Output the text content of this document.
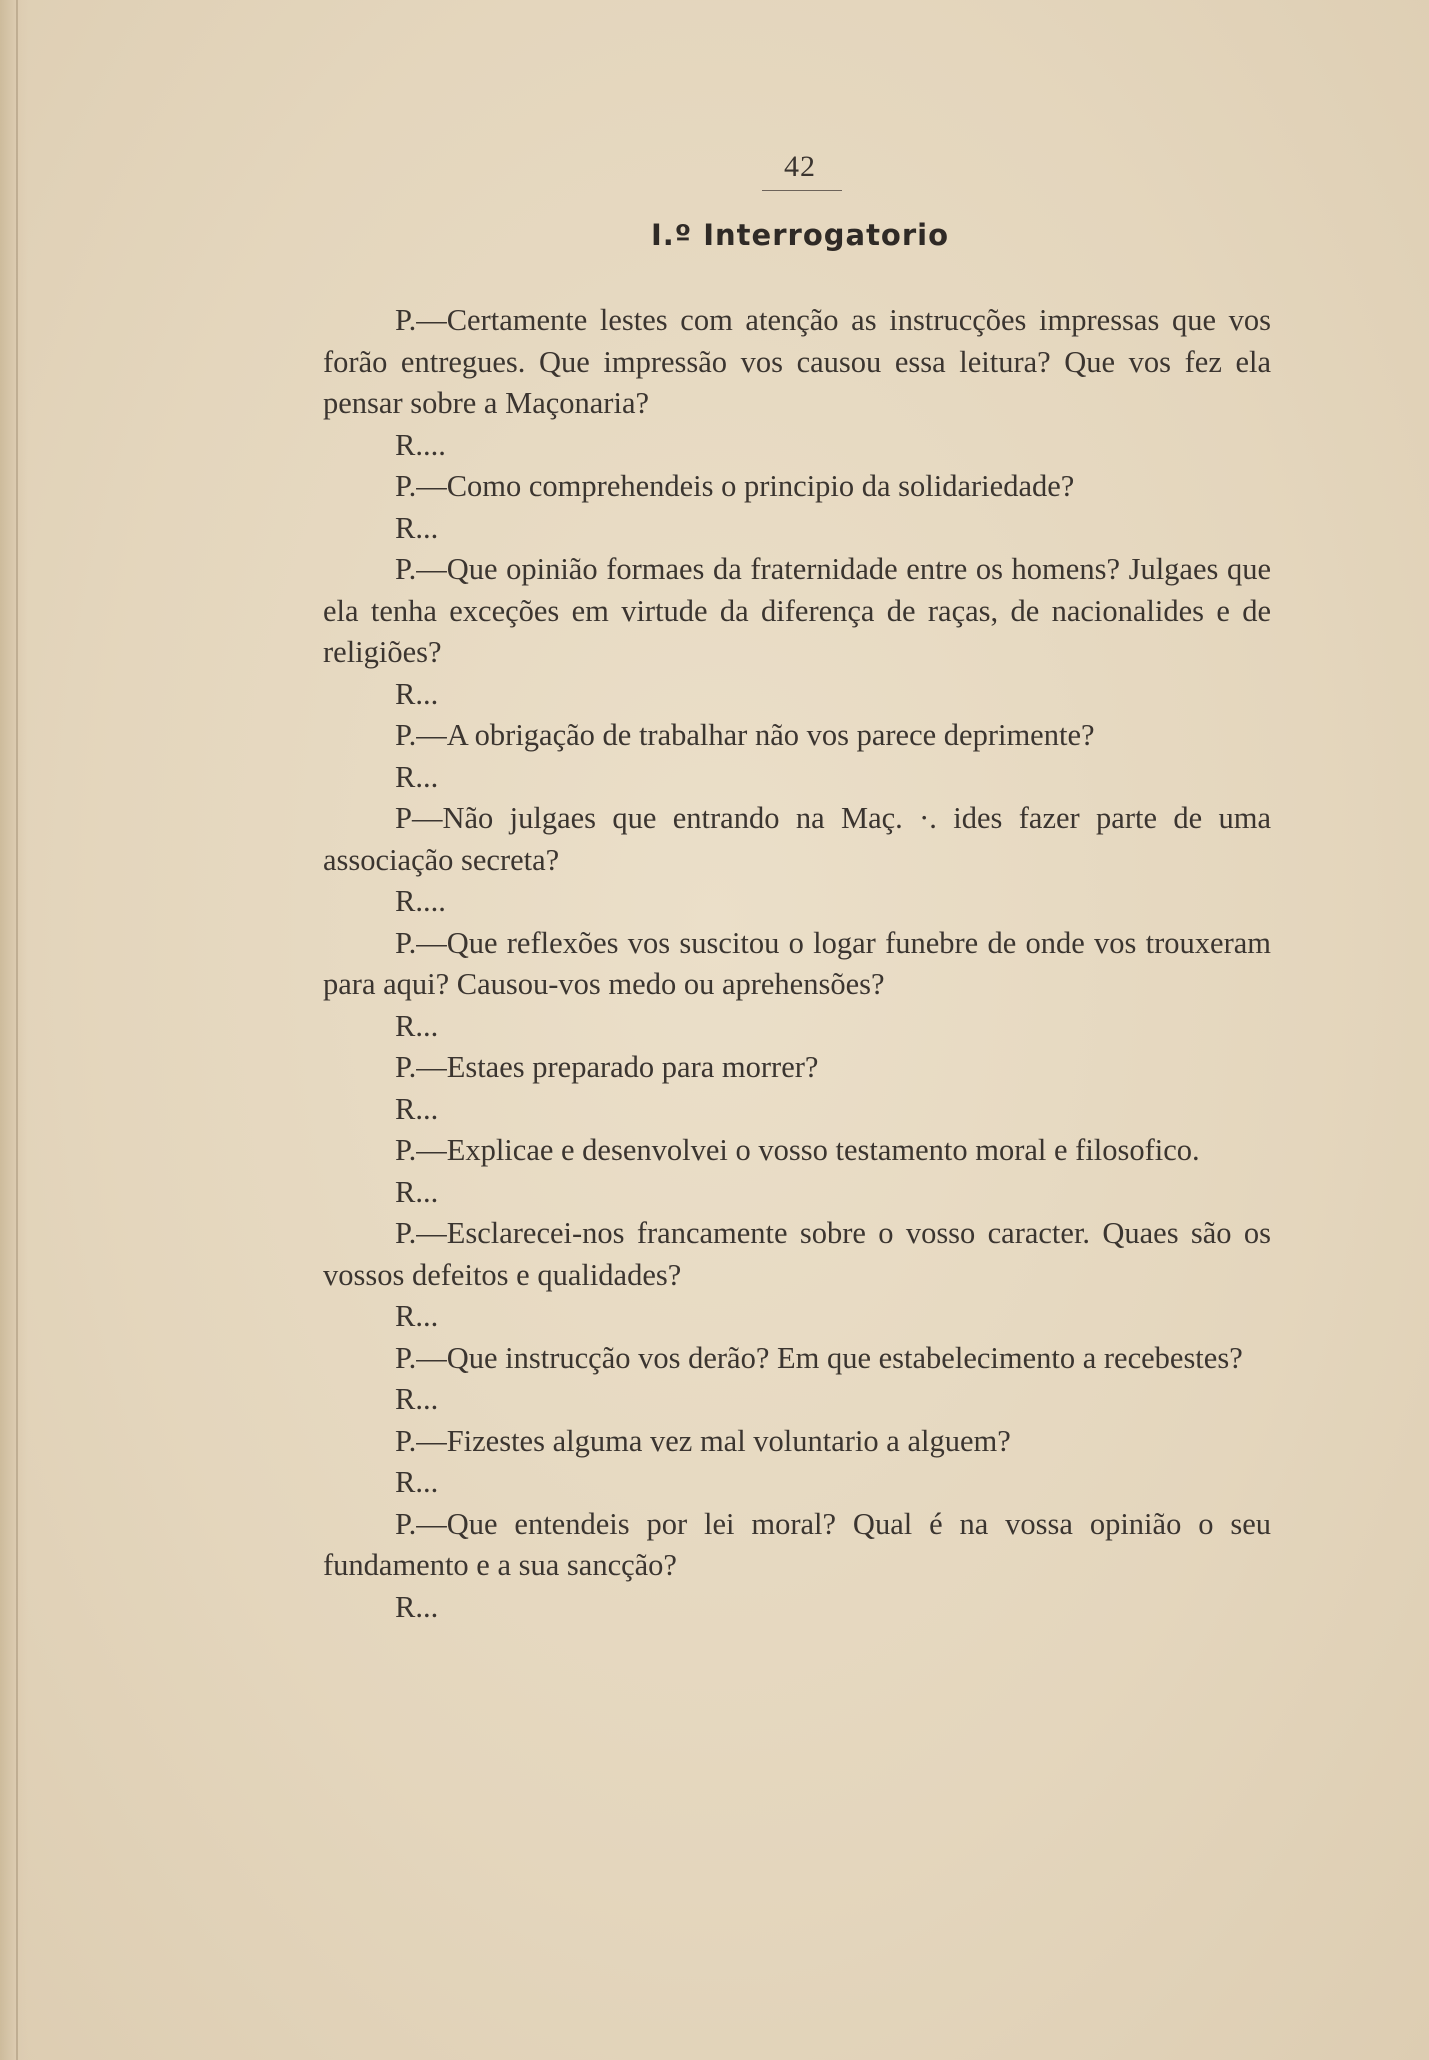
42
I.º Interrogatorio

P.—Certamente lestes com atenção as instrucções impressas que vos forão entregues. Que impressão vos causou essa leitura? Que vos fez ela pensar sobre a Maçonaria?

R....

P.—Como comprehendeis o principio da solidariedade?

R...

P.—Que opinião formaes da fraternidade entre os homens? Julgaes que ela tenha exceções em virtude da diferença de raças, de nacionalides e de religiões?

R...

P.—A obrigação de trabalhar não vos parece deprimente?

R...

P—Não julgaes que entrando na Maç. ·. ides fazer parte de uma associação secreta?

R....

P.—Que reflexões vos suscitou o logar funebre de onde vos trouxeram para aqui? Causou-vos medo ou aprehensões?

R...

P.—Estaes preparado para morrer?

R...

P.—Explicae e desenvolvei o vosso testamento moral e filosofico.

R...

P.—Esclarecei-nos francamente sobre o vosso caracter. Quaes são os vossos defeitos e qualidades?

R...

P.—Que instrucção vos derão? Em que estabelecimento a recebestes?

R...

P.—Fizestes alguma vez mal voluntario a alguem?

R...

P.—Que entendeis por lei moral? Qual é na vossa opinião o seu fundamento e a sua sancção?

R...
